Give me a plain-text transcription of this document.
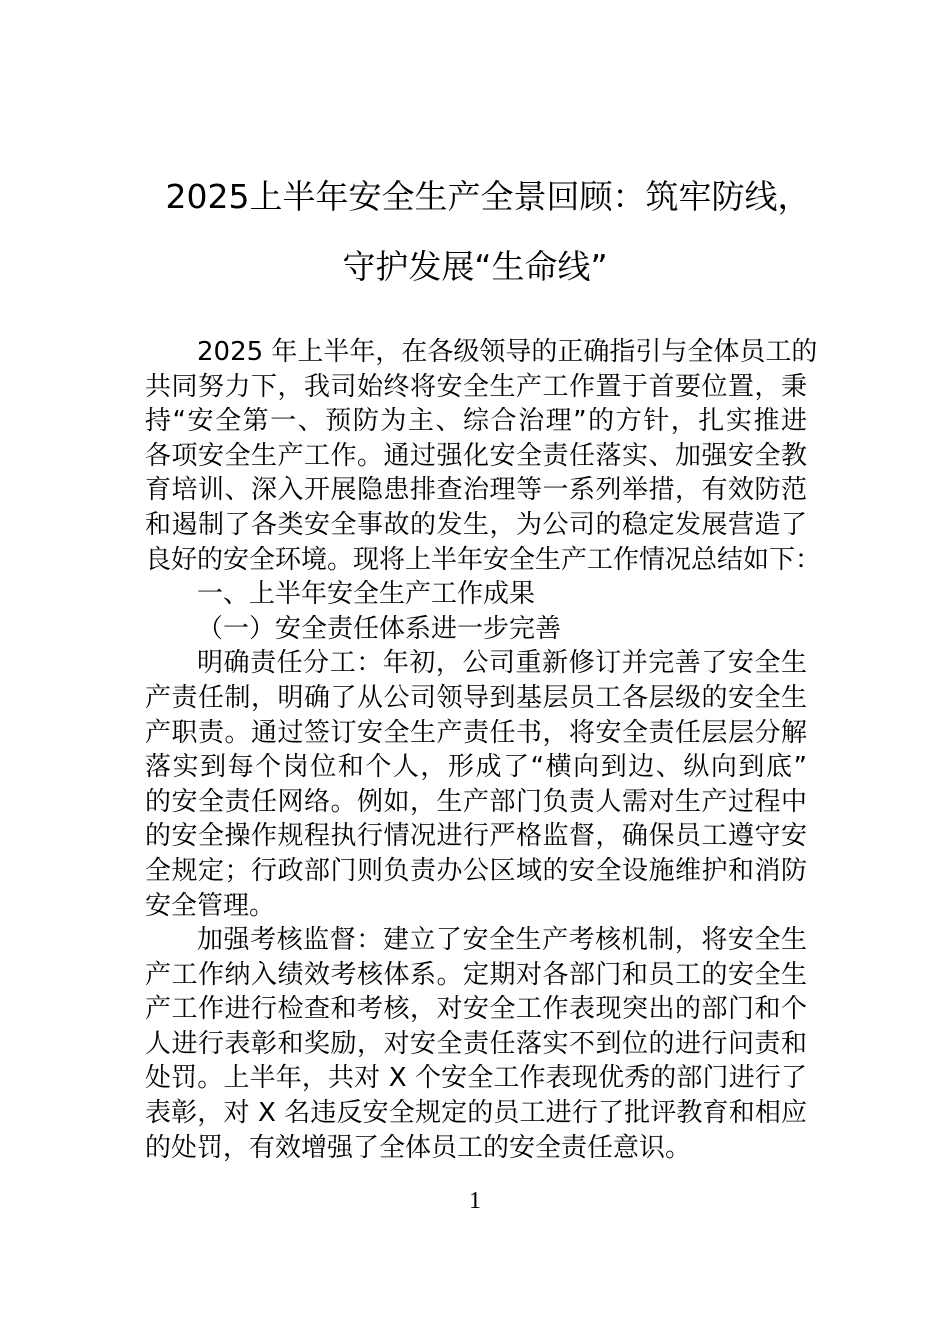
2025上半年安全生产全景回顾：筑牢防线，
守护发展“生命线”
2025 年上半年，在各级领导的正确指引与全体员工的
共同努力下，我司始终将安全生产工作置于首要位置，秉
持“安全第一、预防为主、综合治理”的方针，扎实推进
各项安全生产工作。通过强化安全责任落实、加强安全教
育培训、深入开展隐患排查治理等一系列举措，有效防范
和遏制了各类安全事故的发生，为公司的稳定发展营造了
良好的安全环境。现将上半年安全生产工作情况总结如下：
一、上半年安全生产工作成果
（一）安全责任体系进一步完善
明确责任分工：年初，公司重新修订并完善了安全生
产责任制，明确了从公司领导到基层员工各层级的安全生
产职责。通过签订安全生产责任书，将安全责任层层分解
落实到每个岗位和个人，形成了“横向到边、纵向到底”
的安全责任网络。例如，生产部门负责人需对生产过程中
的安全操作规程执行情况进行严格监督，确保员工遵守安
全规定；行政部门则负责办公区域的安全设施维护和消防
安全管理。
加强考核监督：建立了安全生产考核机制，将安全生
产工作纳入绩效考核体系。定期对各部门和员工的安全生
产工作进行检查和考核，对安全工作表现突出的部门和个
人进行表彰和奖励，对安全责任落实不到位的进行问责和
处罚。上半年，共对 X 个安全工作表现优秀的部门进行了
表彰，对 X 名违反安全规定的员工进行了批评教育和相应
的处罚，有效增强了全体员工的安全责任意识。
1
